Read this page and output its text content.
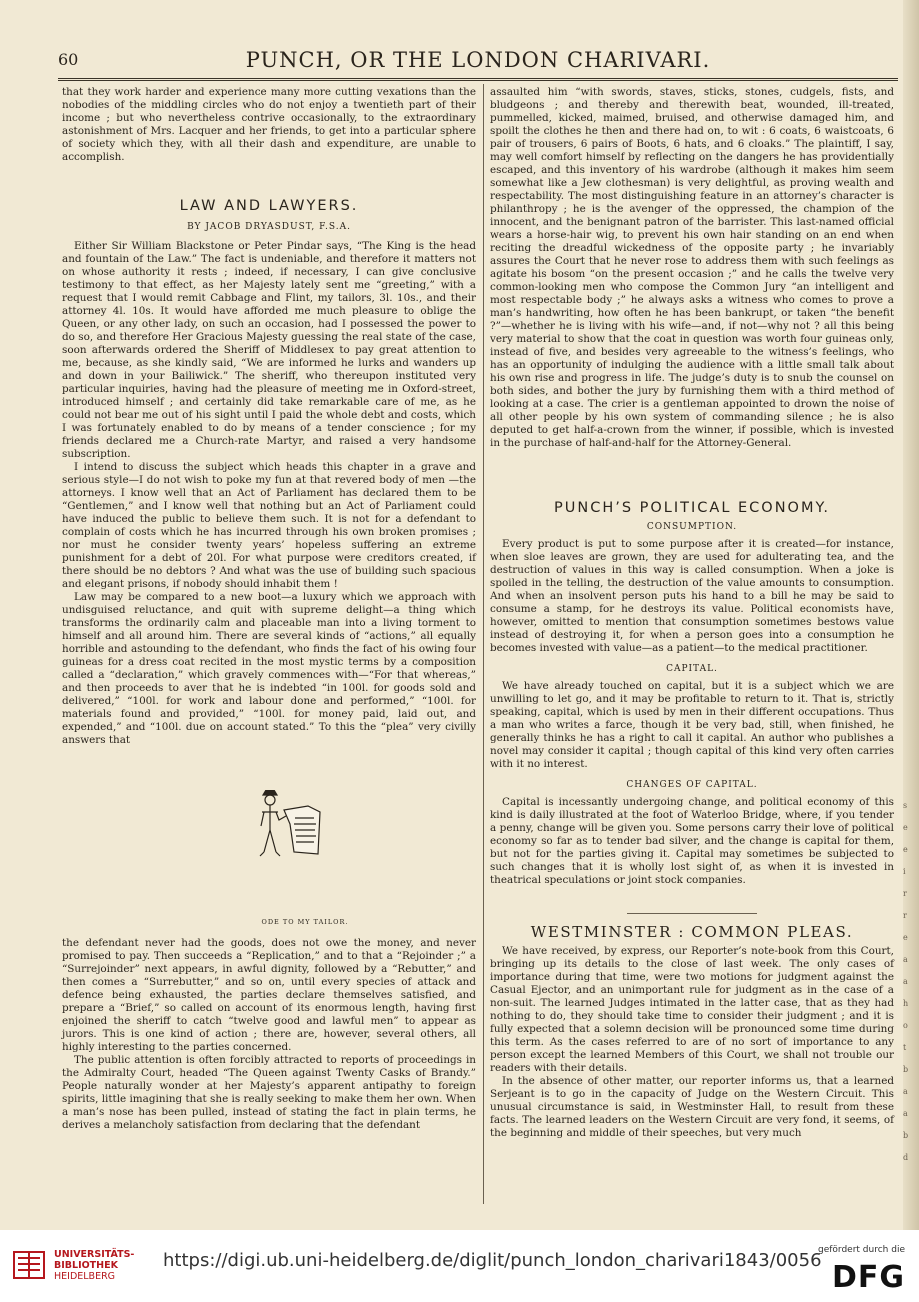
60	PUNCH, OR THE LONDON CHARIVARI.

that they work harder and experience many more cutting vexations than the nobodies of the middling circles who do not enjoy a twentieth part of their income ; but who nevertheless contrive occasionally, to the extraordinary astonishment of Mrs. Lacquer and her friends, to get into a particular sphere of society which they, with all their dash and expenditure, are unable to accomplish.

LAW AND LAWYERS.
BY JACOB DRYASDUST, F.S.A.

Either Sir William Blackstone or Peter Pindar says, “The King is the head and fountain of the Law.” The fact is undeniable, and therefore it matters not on whose authority it rests ; indeed, if necessary, I can give conclusive testimony to that effect, as her Majesty lately sent me “greeting,” with a request that I would remit Cabbage and Flint, my tailors, 3l. 10s., and their attorney 4l. 10s. It would have afforded me much pleasure to oblige the Queen, or any other lady, on such an occasion, had I possessed the power to do so, and therefore Her Gracious Majesty guessing the real state of the case, soon afterwards ordered the Sheriff of Middlesex to pay great attention to me, because, as she kindly said, “We are informed he lurks and wanders up and down in your Bailiwick.” The sheriff, who thereupon instituted very particular inquiries, having had the pleasure of meeting me in Oxford-street, introduced himself ; and certainly did take remarkable care of me, as he could not bear me out of his sight until I paid the whole debt and costs, which I was fortunately enabled to do by means of a tender conscience ; for my friends declared me a Church-rate Martyr, and raised a very handsome subscription.

I intend to discuss the subject which heads this chapter in a grave and serious style—I do not wish to poke my fun at that revered body of men —the attorneys. I know well that an Act of Parliament has declared them to be “Gentlemen,” and I know well that nothing but an Act of Parliament could have induced the public to believe them such. It is not for a defendant to complain of costs which he has incurred through his own broken promises ; nor must he consider twenty years’ hopeless suffering an extreme punishment for a debt of 20l. For what purpose were creditors created, if there should be no debtors ? And what was the use of building such spacious and elegant prisons, if nobody should inhabit them !

Law may be compared to a new boot—a luxury which we approach with undisguised reluctance, and quit with supreme delight—a thing which transforms the ordinarily calm and placeable man into a living torment to himself and all around him. There are several kinds of “actions,” all equally horrible and astounding to the defendant, who finds the fact of his owing four guineas for a dress coat recited in the most mystic terms by a composition called a “declaration,” which gravely commences with—“For that whereas,” and then proceeds to aver that he is indebted “in 100l. for goods sold and delivered,” “100l. for work and labour done and performed,” “100l. for materials found and provided,” “100l. for money paid, laid out, and expended,” and “100l. due on account stated.” To this the “plea” very civilly answers that

ODE TO MY TAILOR.

the defendant never had the goods, does not owe the money, and never promised to pay. Then succeeds a “Replication,” and to that a “Rejoinder ;” a “Surrejoinder” next appears, in awful dignity, followed by a “Rebutter,” and then comes a “Surrebutter,” and so on, until every species of attack and defence being exhausted, the parties declare themselves satisfied, and prepare a “Brief,” so called on account of its enormous length, having first enjoined the sheriff to catch “twelve good and lawful men” to appear as jurors. This is one kind of action ; there are, however, several others, all highly interesting to the parties concerned.

The public attention is often forcibly attracted to reports of proceedings in the Admiralty Court, headed “The Queen against Twenty Casks of Brandy.” People naturally wonder at her Majesty’s apparent antipathy to foreign spirits, little imagining that she is really seeking to make them her own. When a man’s nose has been pulled, instead of stating the fact in plain terms, he derives a melancholy satisfaction from declaring that the defendant

assaulted him “with swords, staves, sticks, stones, cudgels, fists, and bludgeons ; and thereby and therewith beat, wounded, ill-treated, pummelled, kicked, maimed, bruised, and otherwise damaged him, and spoilt the clothes he then and there had on, to wit : 6 coats, 6 waistcoats, 6 pair of trousers, 6 pairs of Boots, 6 hats, and 6 cloaks.” The plaintiff, I say, may well comfort himself by reflecting on the dangers he has providentially escaped, and this inventory of his wardrobe (although it makes him seem somewhat like a Jew clothesman) is very delightful, as proving wealth and respectability. The most distinguishing feature in an attorney’s character is philanthropy ; he is the avenger of the oppressed, the champion of the innocent, and the benignant patron of the barrister. This last-named official wears a horse-hair wig, to prevent his own hair standing on an end when reciting the dreadful wickedness of the opposite party ; he invariably assures the Court that he never rose to address them with such feelings as agitate his bosom “on the present occasion ;” and he calls the twelve very common-looking men who compose the Common Jury “an intelligent and most respectable body ;” he always asks a witness who comes to prove a man’s handwriting, how often he has been bankrupt, or taken “the benefit ?”—whether he is living with his wife—and, if not—why not ? all this being very material to show that the coat in question was worth four guineas only, instead of five, and besides very agreeable to the witness’s feelings, who has an opportunity of indulging the audience with a little small talk about his own rise and progress in life. The judge’s duty is to snub the counsel on both sides, and bother the jury by furnishing them with a third method of looking at a case. The crier is a gentleman appointed to drown the noise of all other people by his own system of commanding silence ; he is also deputed to get half-a-crown from the winner, if possible, which is invested in the purchase of half-and-half for the Attorney-General.

PUNCH’S POLITICAL ECONOMY.
CONSUMPTION.

Every product is put to some purpose after it is created—for instance, when sloe leaves are grown, they are used for adulterating tea, and the destruction of values in this way is called consumption. When a joke is spoiled in the telling, the destruction of the value amounts to consumption. And when an insolvent person puts his hand to a bill he may be said to consume a stamp, for he destroys its value. Political economists have, however, omitted to mention that consumption sometimes bestows value instead of destroying it, for when a person goes into a consumption he becomes invested with value—as a patient—to the medical practitioner.

CAPITAL.

We have already touched on capital, but it is a subject which we are unwilling to let go, and it may be profitable to return to it. That is, strictly speaking, capital, which is used by men in their different occupations. Thus a man who writes a farce, though it be very bad, still, when finished, he generally thinks he has a right to call it capital. An author who publishes a novel may consider it capital ; though capital of this kind very often carries with it no interest.

CHANGES OF CAPITAL.

Capital is incessantly undergoing change, and political economy of this kind is daily illustrated at the foot of Waterloo Bridge, where, if you tender a penny, change will be given you. Some persons carry their love of political economy so far as to tender bad silver, and the change is capital for them, but not for the parties giving it. Capital may sometimes be subjected to such changes that it is wholly lost sight of, as when it is invested in theatrical speculations or joint stock companies.

WESTMINSTER : COMMON PLEAS.

We have received, by express, our Reporter’s note-book from this Court, bringing up its details to the close of last week. The only cases of importance during that time, were two motions for judgment against the Casual Ejector, and an unimportant rule for judgment as in the case of a non-suit. The learned Judges intimated in the latter case, that as they had nothing to do, they should take time to consider their judgment ; and it is fully expected that a solemn decision will be pronounced some time during this term. As the cases referred to are of no sort of importance to any person except the learned Members of this Court, we shall not trouble our readers with their details.

In the absence of other matter, our reporter informs us, that a learned Serjeant is to go in the capacity of Judge on the Western Circuit. This unusual circumstance is said, in Westminster Hall, to result from these facts. The learned leaders on the Western Circuit are very fond, it seems, of the beginning and middle of their speeches, but very much

s
e
e
i
r
r
e
a
a
h
o
t
b
a
a
b
d
UNIVERSITÄTS-
BIBLIOTHEK
HEIDELBERG
https://digi.ub.uni-heidelberg.de/diglit/punch_london_charivari1843/0056
gefördert durch die
DFG
